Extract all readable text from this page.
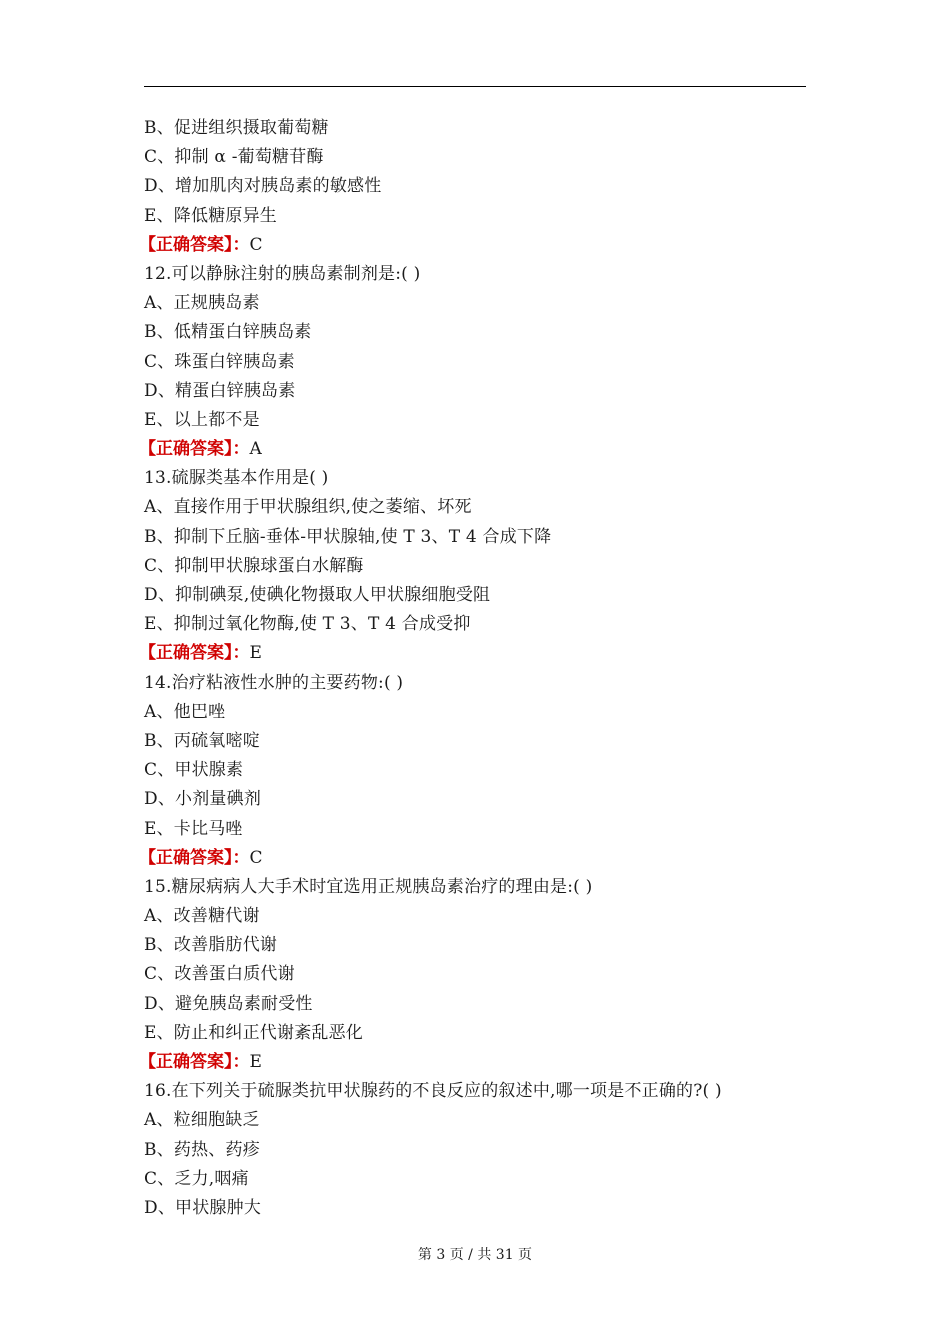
B、促进组织摄取葡萄糖
C、抑制 α -葡萄糖苷酶
D、增加肌肉对胰岛素的敏感性
E、降低糖原异生
【正确答案】：C
12.可以静脉注射的胰岛素制剂是:( )
A、正规胰岛素
B、低精蛋白锌胰岛素
C、珠蛋白锌胰岛素
D、精蛋白锌胰岛素
E、以上都不是
【正确答案】：A
13.硫脲类基本作用是( )
A、直接作用于甲状腺组织,使之萎缩、坏死
B、抑制下丘脑-垂体-甲状腺轴,使 T 3、T 4 合成下降
C、抑制甲状腺球蛋白水解酶
D、抑制碘泵,使碘化物摄取人甲状腺细胞受阻
E、抑制过氧化物酶,使 T 3、T 4 合成受抑
【正确答案】：E
14.治疗粘液性水肿的主要药物:( )
A、他巴唑
B、丙硫氧嘧啶
C、甲状腺素
D、小剂量碘剂
E、卡比马唑
【正确答案】：C
15.糖尿病病人大手术时宜选用正规胰岛素治疗的理由是:( )
A、改善糖代谢
B、改善脂肪代谢
C、改善蛋白质代谢
D、避免胰岛素耐受性
E、防止和纠正代谢紊乱恶化
【正确答案】：E
16.在下列关于硫脲类抗甲状腺药的不良反应的叙述中,哪一项是不正确的?( )
A、粒细胞缺乏
B、药热、药疹
C、乏力,咽痛
D、甲状腺肿大
第 3 页 / 共 31 页
